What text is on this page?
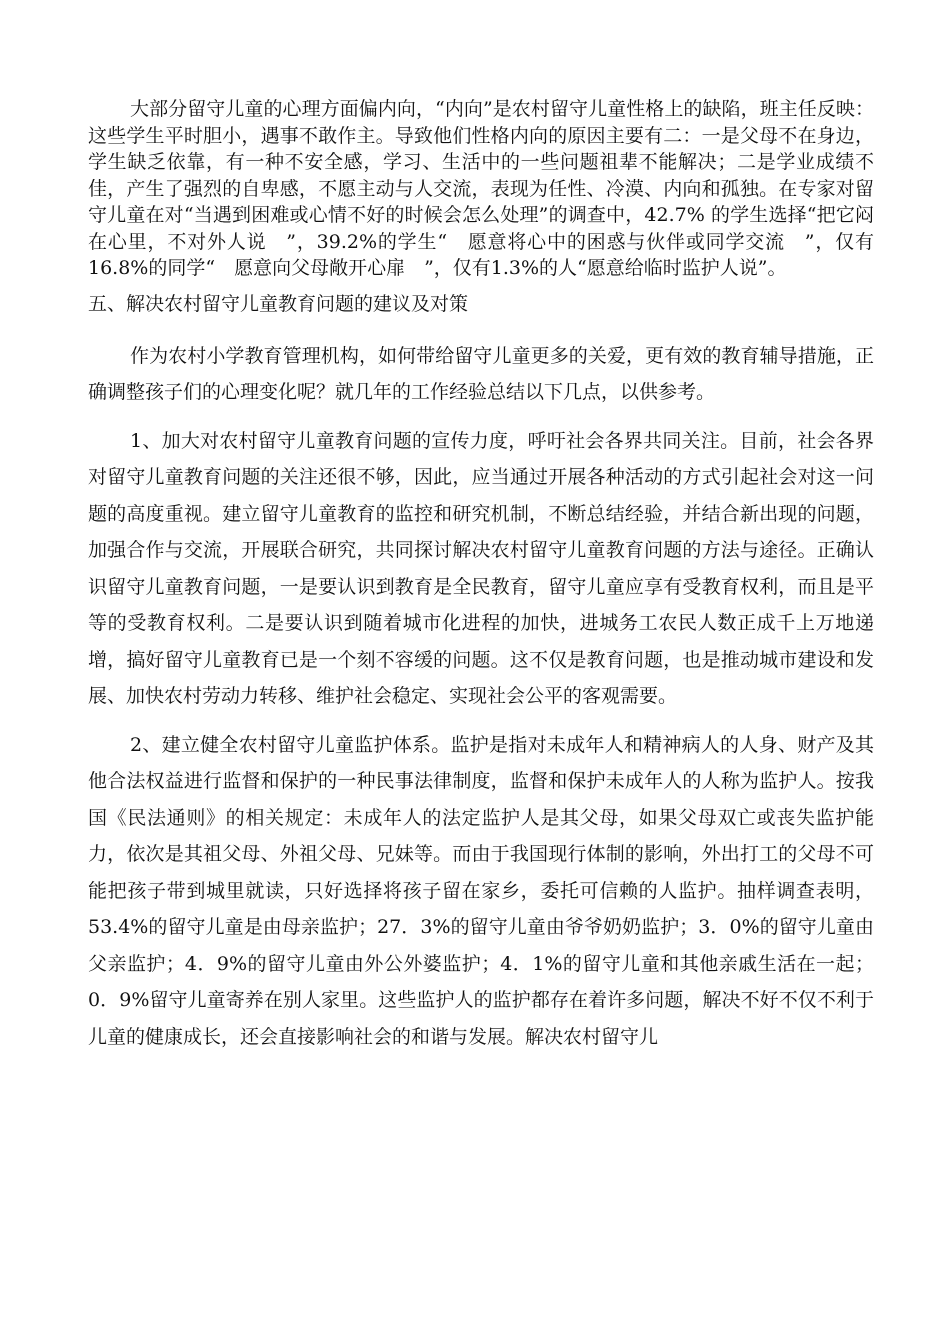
大部分留守儿童的心理方面偏内向，“内向”是农村留守儿童性格上的缺陷，班主任反映：这些学生平时胆小，遇事不敢作主。导致他们性格内向的原因主要有二：一是父母不在身边，学生缺乏依靠，有一种不安全感，学习、生活中的一些问题祖辈不能解决；二是学业成绩不佳，产生了强烈的自卑感，不愿主动与人交流，表现为任性、冷漠、内向和孤独。在专家对留守儿童在对“当遇到困难或心情不好的时候会怎么处理”的调查中，42.7% 的学生选择“把它闷在心里，不对外人说　”，39.2%的学生“　愿意将心中的困惑与伙伴或同学交流　”，仅有16.8%的同学“　愿意向父母敞开心扉　”，仅有1.3%的人“愿意给临时监护人说”。

五、解决农村留守儿童教育问题的建议及对策

作为农村小学教育管理机构，如何带给留守儿童更多的关爱，更有效的教育辅导措施，正确调整孩子们的心理变化呢？就几年的工作经验总结以下几点，以供参考。

1、加大对农村留守儿童教育问题的宣传力度，呼吁社会各界共同关注。目前，社会各界对留守儿童教育问题的关注还很不够，因此，应当通过开展各种活动的方式引起社会对这一问题的高度重视。建立留守儿童教育的监控和研究机制，不断总结经验，并结合新出现的问题，加强合作与交流，开展联合研究，共同探讨解决农村留守儿童教育问题的方法与途径。正确认识留守儿童教育问题，一是要认识到教育是全民教育，留守儿童应享有受教育权利，而且是平等的受教育权利。二是要认识到随着城市化进程的加快，进城务工农民人数正成千上万地递增，搞好留守儿童教育已是一个刻不容缓的问题。这不仅是教育问题，也是推动城市建设和发展、加快农村劳动力转移、维护社会稳定、实现社会公平的客观需要。

2、建立健全农村留守儿童监护体系。监护是指对未成年人和精神病人的人身、财产及其他合法权益进行监督和保护的一种民事法律制度，监督和保护未成年人的人称为监护人。按我国《民法通则》的相关规定：未成年人的法定监护人是其父母，如果父母双亡或丧失监护能力，依次是其祖父母、外祖父母、兄妹等。而由于我国现行体制的影响，外出打工的父母不可能把孩子带到城里就读，只好选择将孩子留在家乡，委托可信赖的人监护。抽样调查表明，53.4%的留守儿童是由母亲监护；27．3%的留守儿童由爷爷奶奶监护；3．0%的留守儿童由父亲监护；4．9%的留守儿童由外公外婆监护；4．1%的留守儿童和其他亲戚生活在一起；0．9%留守儿童寄养在别人家里。这些监护人的监护都存在着许多问题，解决不好不仅不利于儿童的健康成长，还会直接影响社会的和谐与发展。解决农村留守儿
